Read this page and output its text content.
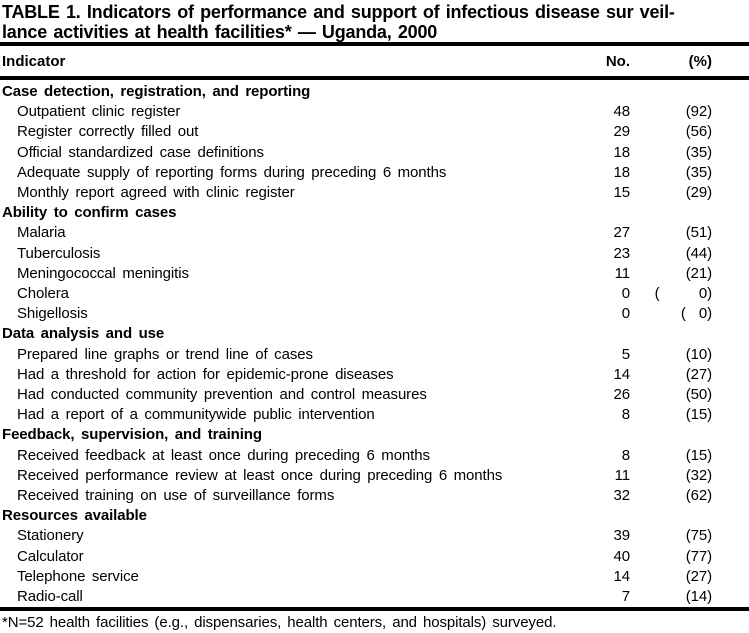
TABLE 1. Indicators of performance and support of infectious disease sur veil-
lance activities at health facilities* — Uganda, 2000
Indicator	No.	(%)
Case detection, registration, and reporting
Outpatient clinic register	48	(92)
Register correctly filled out	29	(56)
Official standardized case definitions	18	(35)
Adequate supply of reporting forms during preceding 6 months	18	(35)
Monthly report agreed with clinic register	15	(29)
Ability to confirm cases
Malaria	27	(51)
Tuberculosis	23	(44)
Meningococcal meningitis	11	(21)
Cholera	0	(      0)
Shigellosis	0	(  0)
Data analysis and use
Prepared line graphs or trend line of cases	5	(10)
Had a threshold for action for epidemic-prone diseases	14	(27)
Had conducted community prevention and control measures	26	(50)
Had a report of a communitywide public intervention	8	(15)
Feedback, supervision, and training
Received feedback at least once during preceding 6 months	8	(15)
Received performance review at least once during preceding 6 months	11	(32)
Received training on use of surveillance forms	32	(62)
Resources available
Stationery	39	(75)
Calculator	40	(77)
Telephone service	14	(27)
Radio-call	7	(14)
*N=52 health facilities (e.g., dispensaries, health centers, and hospitals) surveyed.
